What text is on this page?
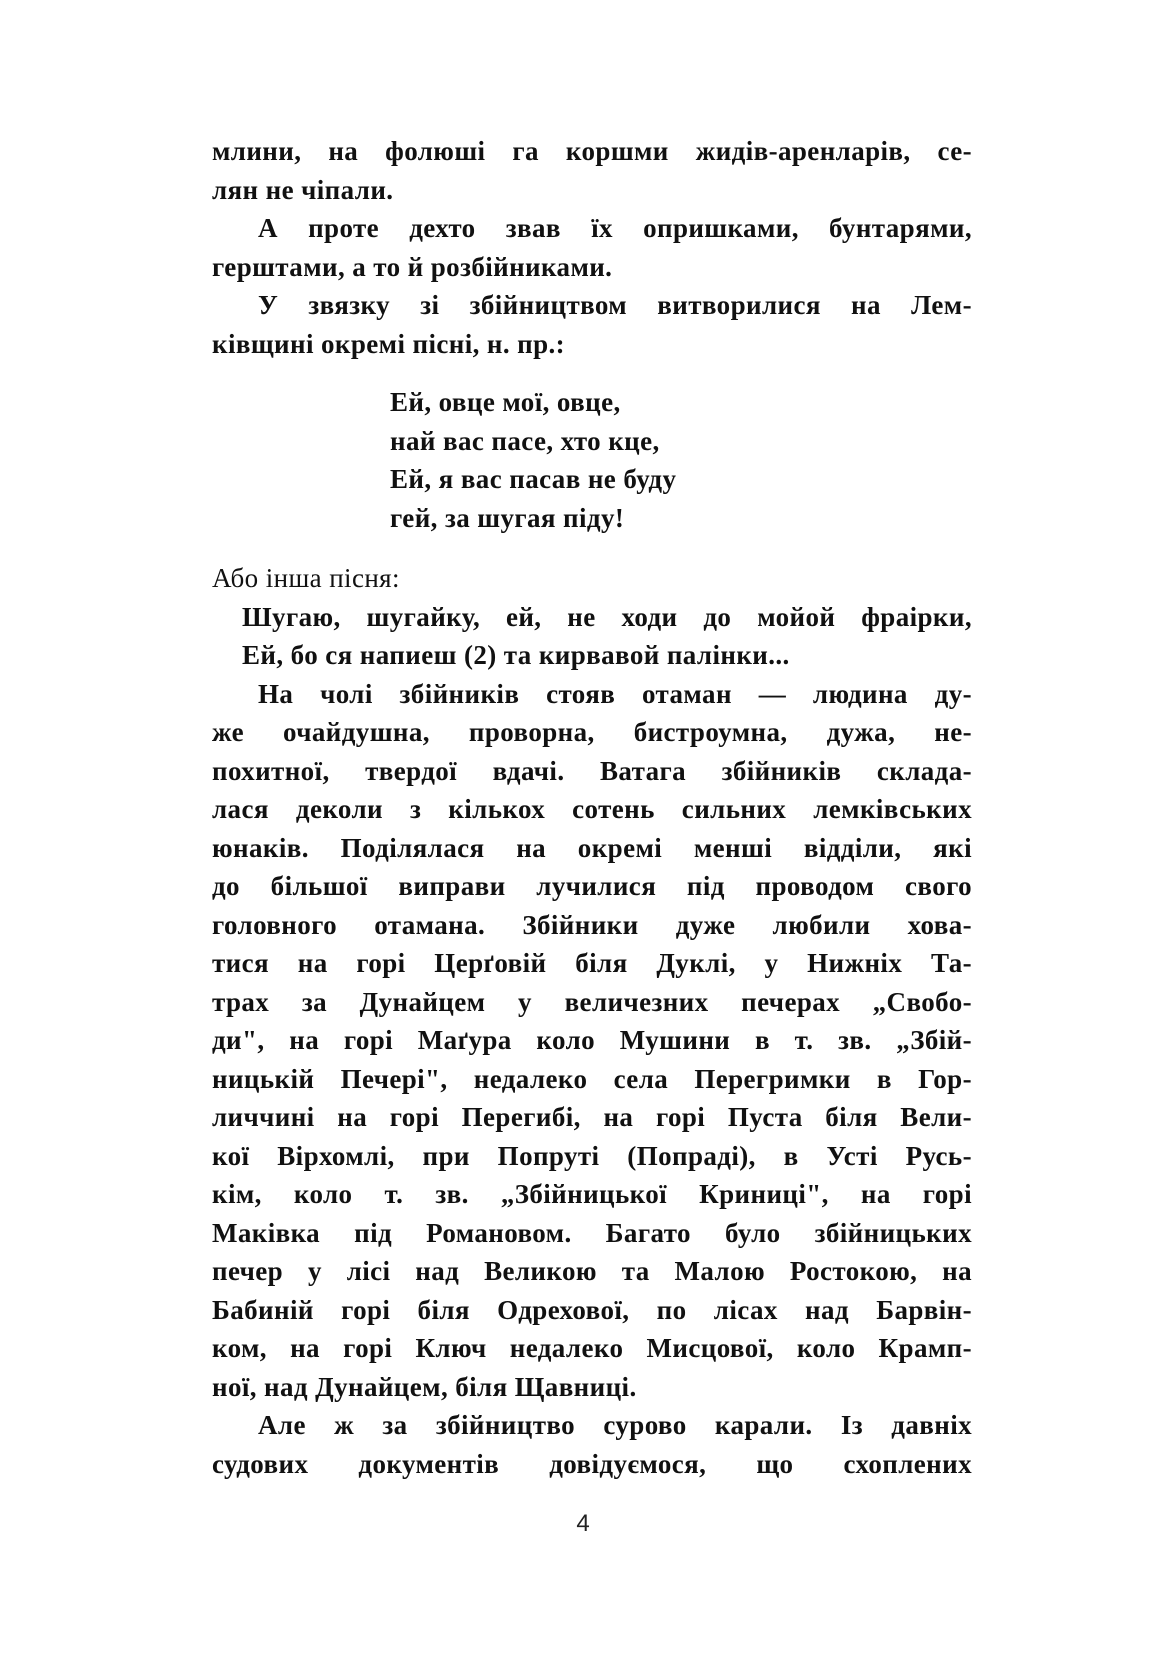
млини, на фолюші га коршми жидів-аренларів, се-
лян не чіпали.
А проте дехто звав їх опришками, бунтарями,
герштами, а то й розбійниками.
У звязку зі збійництвом витворилися на Лем-
ківщині окремі пісні, н. пр.:
Ей, овце мої, овце,
най вас пасе, хто кце,
Ей, я вас пасав не буду
гей, за шугая піду!
Або інша пісня:
Шугаю, шугайку, ей, не ходи до мойой фраірки,
Ей, бо ся напиеш (2) та кирвавой палінки...
На чолі збійників стояв отаман — людина ду-
же очайдушна, проворна, бистроумна, дужа, не-
похитної, твердої вдачі. Ватага збійників складa-
лася деколи з кількох сотень сильних лемківських
юнаків. Поділялася на окремі менші відділи, які
до більшої виправи лучилися під проводом свого
головного отамана. Збійники дуже любили хова-
тися на горі Церґовій біля Дуклі, у Нижніх Та-
трах за Дунайцем у величезних печерах „Свобо-
ди", на горі Маґура коло Мушини в т. зв. „Збій-
ницькій Печері", недалеко села Перегримки в Гор-
личчині на горі Перегибі, на горі Пуста біля Вели-
кої Вірхомлі, при Попруті (Попраді), в Усті Русь-
кім, коло т. зв. „Збійницької Криниці", на горі
Маківка під Романовом. Багато було збійницьких
печер у лісі над Великою та Малою Ростокою, на
Бабиній горі біля Одрехової, по лісах над Барвін-
ком, на горі Ключ недалеко Мисцової, коло Крамп-
ної, над Дунайцем, біля Щавниці.
Але ж за збійництво сурово карали. Із давніх
судових документів довідуємося, що схоплених
4
